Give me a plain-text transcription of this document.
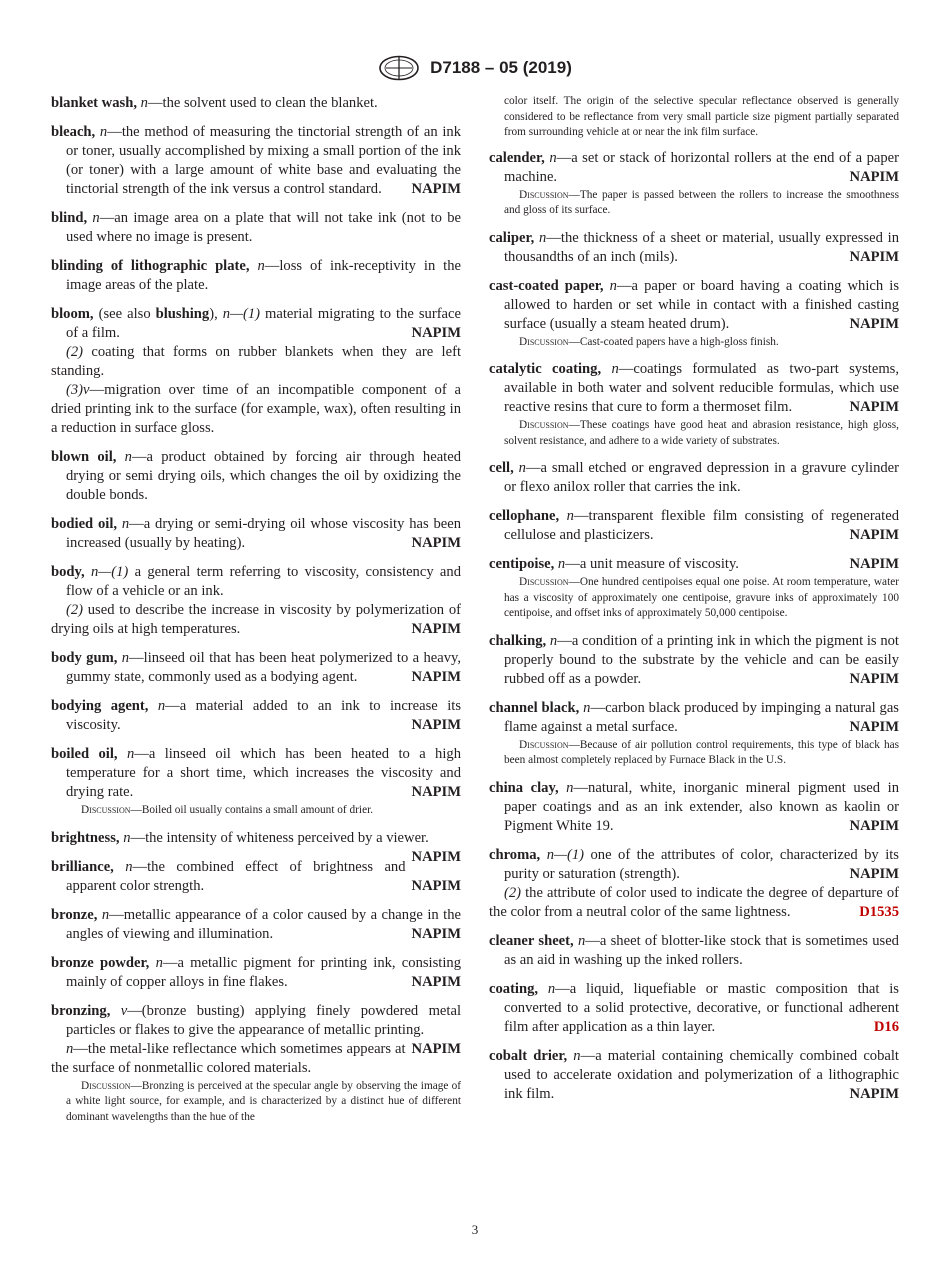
D7188 – 05 (2019)

blanket wash, n—the solvent used to clean the blanket.

bleach, n—the method of measuring the tinctorial strength of an ink or toner, usually accomplished by mixing a small portion of the ink (or toner) with a large amount of white base and evaluating the tinctorial strength of the ink versus a control standard. NAPIM

blind, n—an image area on a plate that will not take ink (not to be used where no image is present.

blinding of lithographic plate, n—loss of ink-receptivity in the image areas of the plate.

bloom, (see also blushing), n—(1) material migrating to the surface of a film.	NAPIM

(2) coating that forms on rubber blankets when they are left standing.

(3)v—migration over time of an incompatible component of a dried printing ink to the surface (for example, wax), often resulting in a reduction in surface gloss.

blown oil, n—a product obtained by forcing air through heated drying or semi drying oils, which changes the oil by oxidizing the double bonds.

bodied oil, n—a drying or semi-drying oil whose viscosity has been increased (usually by heating).	NAPIM

body, n—(1) a general term referring to viscosity, consistency and flow of a vehicle or an ink.

(2) used to describe the increase in viscosity by polymerization of drying oils at high temperatures.	NAPIM

body gum, n—linseed oil that has been heat polymerized to a heavy, gummy state, commonly used as a bodying agent.	NAPIM

bodying agent, n—a material added to an ink to increase its viscosity.	NAPIM

boiled oil, n—a linseed oil which has been heated to a high temperature for a short time, which increases the viscosity and drying rate.	NAPIM

Discussion—Boiled oil usually contains a small amount of drier.

brightness, n—the intensity of whiteness perceived by a viewer.
NAPIM

brilliance, n—the combined effect of brightness and apparent color strength.	NAPIM

bronze, n—metallic appearance of a color caused by a change in the angles of viewing and illumination.	NAPIM

bronze powder, n—a metallic pigment for printing ink, consisting mainly of copper alloys in fine flakes.	NAPIM

bronzing, v—(bronze busting) applying finely powdered metal particles or flakes to give the appearance of metallic printing.
NAPIM

n—the metal-like reflectance which sometimes appears at the surface of nonmetallic colored materials.

Discussion—Bronzing is perceived at the specular angle by observing the image of a white light source, for example, and is characterized by a distinct hue of different dominant wavelengths than the hue of the

color itself. The origin of the selective specular reflectance observed is generally considered to be reflectance from very small particle size pigment partially separated from surrounding vehicle at or near the ink film surface.

calender, n—a set or stack of horizontal rollers at the end of a paper machine.	NAPIM

Discussion—The paper is passed between the rollers to increase the smoothness and gloss of its surface.

caliper, n—the thickness of a sheet or material, usually expressed in thousandths of an inch (mils).	NAPIM

cast-coated paper, n—a paper or board having a coating which is allowed to harden or set while in contact with a finished casting surface (usually a steam heated drum).	NAPIM

Discussion—Cast-coated papers have a high-gloss finish.

catalytic coating, n—coatings formulated as two-part systems, available in both water and solvent reducible formulas, which use reactive resins that cure to form a thermoset film.	NAPIM

Discussion—These coatings have good heat and abrasion resistance, high gloss, solvent resistance, and adhere to a wide variety of substrates.

cell, n—a small etched or engraved depression in a gravure cylinder or flexo anilox roller that carries the ink.

cellophane, n—transparent flexible film consisting of regenerated cellulose and plasticizers.	NAPIM

centipoise, n—a unit measure of viscosity.	NAPIM

Discussion—One hundred centipoises equal one poise. At room temperature, water has a viscosity of approximately one centipoise, gravure inks of approximately 100 centipoise, and offset inks of approximately 50,000 centipoise.

chalking, n—a condition of a printing ink in which the pigment is not properly bound to the substrate by the vehicle and can be easily rubbed off as a powder.	NAPIM

channel black, n—carbon black produced by impinging a natural gas flame against a metal surface.	NAPIM

Discussion—Because of air pollution control requirements, this type of black has been almost completely replaced by Furnace Black in the U.S.

china clay, n—natural, white, inorganic mineral pigment used in paper coatings and as an ink extender, also known as kaolin or Pigment White 19.	NAPIM

chroma, n—(1) one of the attributes of color, characterized by its purity or saturation (strength).	NAPIM

(2) the attribute of color used to indicate the degree of departure of the color from a neutral color of the same lightness.	D1535

cleaner sheet, n—a sheet of blotter-like stock that is sometimes used as an aid in washing up the inked rollers.

coating, n—a liquid, liquefiable or mastic composition that is converted to a solid protective, decorative, or functional adherent film after application as a thin layer.	D16

cobalt drier, n—a material containing chemically combined cobalt used to accelerate oxidation and polymerization of a lithographic ink film.	NAPIM

3
